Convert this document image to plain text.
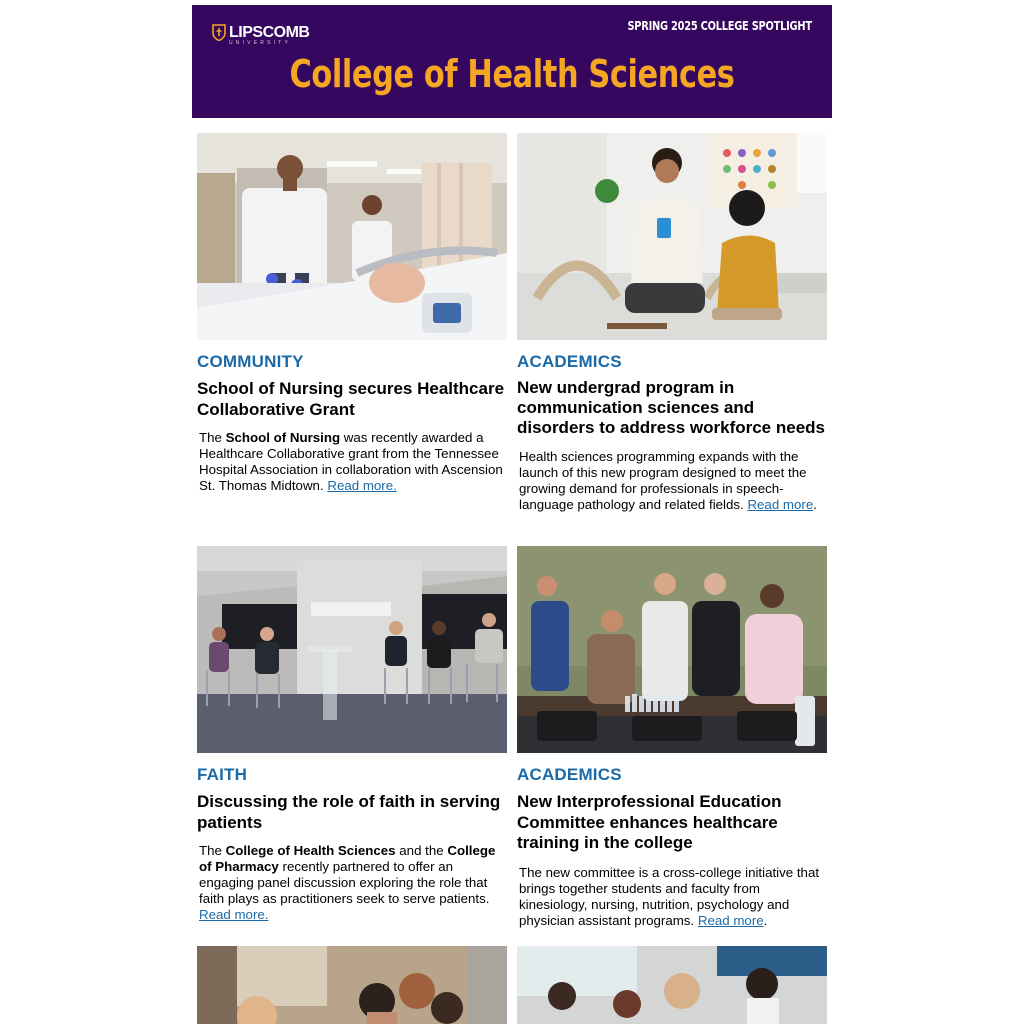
LIPSCOMB
UNIVERSITY
SPRING 2025 COLLEGE SPOTLIGHT
College of Health Sciences
COMMUNITY
School of Nursing secures Healthcare Collaborative Grant
The School of Nursing was recently awarded a Healthcare Collaborative grant from the Tennessee Hospital Association in collaboration with Ascension St. Thomas Midtown. Read more.
ACADEMICS
New undergrad program in communication sciences and disorders to address workforce needs
Health sciences programming expands with the launch of this new program designed to meet the growing demand for professionals in speech-language pathology and related fields. Read more.
FAITH
Discussing the role of faith in serving patients
The College of Health Sciences and the College of Pharmacy recently partnered to offer an engaging panel discussion exploring the role that faith plays as practitioners seek to serve patients. Read more.
ACADEMICS
New Interprofessional Education Committee enhances healthcare training in the college
The new committee is a cross-college initiative that brings together students and faculty from kinesiology, nursing, nutrition, psychology and physician assistant programs. Read more.
